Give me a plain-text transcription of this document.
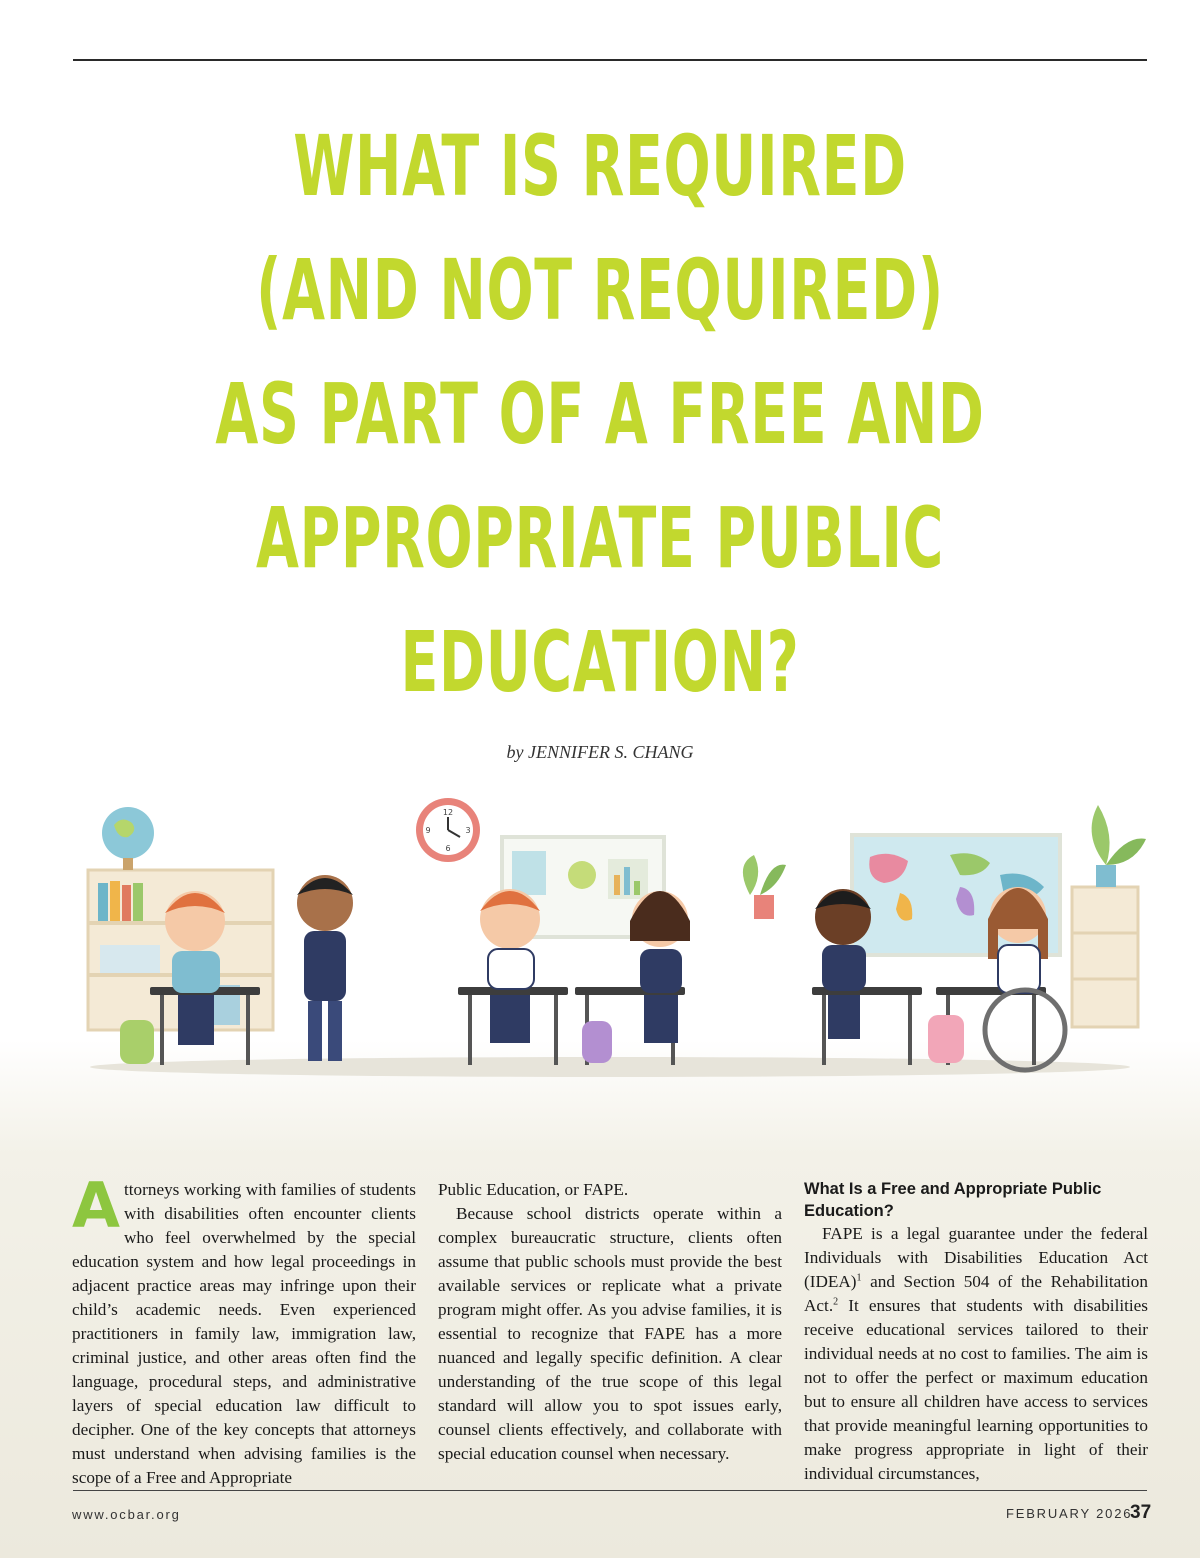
WHAT IS REQUIRED
(AND NOT REQUIRED)
AS PART OF A FREE AND
APPROPRIATE PUBLIC
EDUCATION?
by JENNIFER S. CHANG
12
3
6
9
A ttorneys working with families of students with disabilities often encounter clients who feel overwhelmed by the special education system and how legal proceedings in adjacent practice areas may infringe upon their child’s academic needs. Even experienced practitioners in family law, immigration law, criminal justice, and other areas often find the language, procedural steps, and administrative layers of special education law difficult to decipher. One of the key concepts that attorneys must understand when advising families is the scope of a Free and Appropriate

Public Education, or FAPE.

Because school districts operate within a complex bureaucratic structure, clients often assume that public schools must provide the best available services or replicate what a private program might offer. As you advise families, it is essential to recognize that FAPE has a more nuanced and legally specific definition. A clear understanding of the true scope of this legal standard will allow you to spot issues early, counsel clients effectively, and collaborate with special education counsel when necessary.

What Is a Free and Appropriate Public Education?

FAPE is a legal guarantee under the federal Individuals with Disabilities Education Act (IDEA)$^1$ and Section 504 of the Rehabilitation Act.$^2$ It ensures that students with disabilities receive educational services tailored to their individual needs at no cost to families. The aim is not to offer the perfect or maximum education but to ensure all children have access to services that provide meaningful learning opportunities to make progress appropriate in light of their individual circumstances,

www.ocbar.org	FEBRUARY 2026
37
